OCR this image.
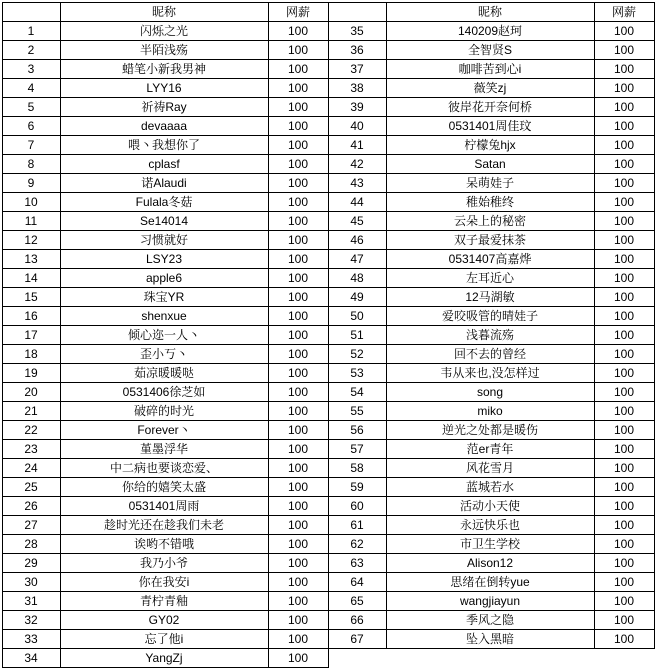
	昵称	网薪		昵称	网薪
1	闪烁之光	100	35	140209赵珂	100
2	半陌浅殇	100	36	全智贤S	100
3	蜡笔小新我男神	100	37	咖啡苦到心i	100
4	LYY16	100	38	薇笑zj	100
5	祈祷Ray	100	39	彼岸花开奈何桥	100
6	devaaaa	100	40	0531401周佳玟	100
7	喂丶我想你了	100	41	柠檬兔hjx	100
8	cplasf	100	42	Satan	100
9	诺Alaudi	100	43	呆萌娃子	100
10	Fulala冬菇	100	44	稚始稚终	100
11	Se14014	100	45	云朵上的秘密	100
12	习惯就好	100	46	双子最爱抹茶	100
13	LSY23	100	47	0531407高嘉烨	100
14	apple6	100	48	左耳近心	100
15	珠宝YR	100	49	12马湖敏	100
16	shenxue	100	50	爱咬吸管的晴娃子	100
17	倾心迩一人丶	100	51	浅暮流殇	100
18	歪小丂丶	100	52	回不去的曾经	100
19	茹凉暖暖哒	100	53	韦从来也,没怎样过	100
20	0531406徐芝如	100	54	song	100
21	破碎的时光	100	55	miko	100
22	Forever丶	100	56	逆光之处都是暖伤	100
23	堇墨浮华	100	57	范er青年	100
24	中二病也要谈恋爱、	100	58	风花雪月	100
25	你给的嬉笑太盛	100	59	蓝城若水	100
26	0531401周雨	100	60	活动小天使	100
27	趁时光还在趁我们未老	100	61	永远快乐也	100
28	诶哟不错哦	100	62	市卫生学校	100
29	我乃小爷	100	63	Alison12	100
30	你在我安i	100	64	思绪在倒转yue	100
31	青柠青釉	100	65	wangjiayun	100
32	GY02	100	66	季风之隐	100
33	忘了他i	100	67	坠入黑暗	100
34	YangZj	100			
